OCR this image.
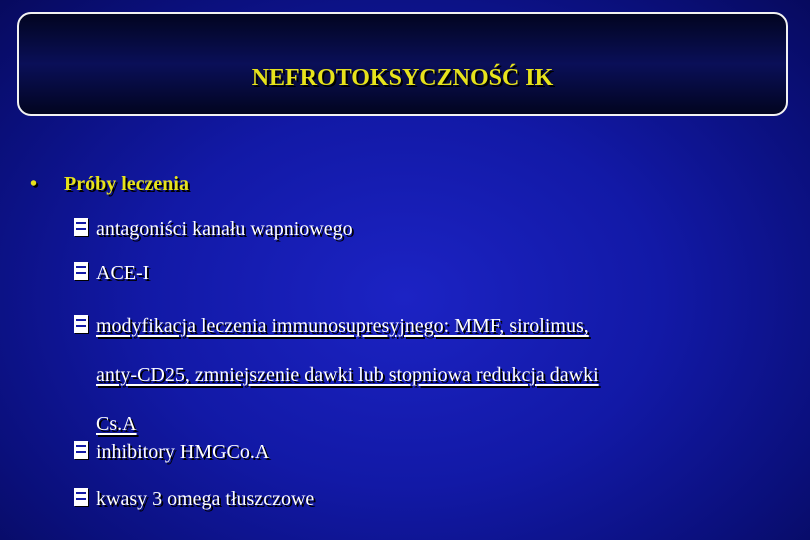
NEFROTOKSYCZNOŚĆ IK
• Próby leczenia
antagoniści kanału wapniowego
ACE-I
modyfikacja leczenia immunosupresyjnego: MMF, sirolimus,
anty-CD25, zmniejszenie dawki lub stopniowa redukcja dawki
Cs.A
inhibitory HMGCo.A
kwasy 3 omega tłuszczowe
